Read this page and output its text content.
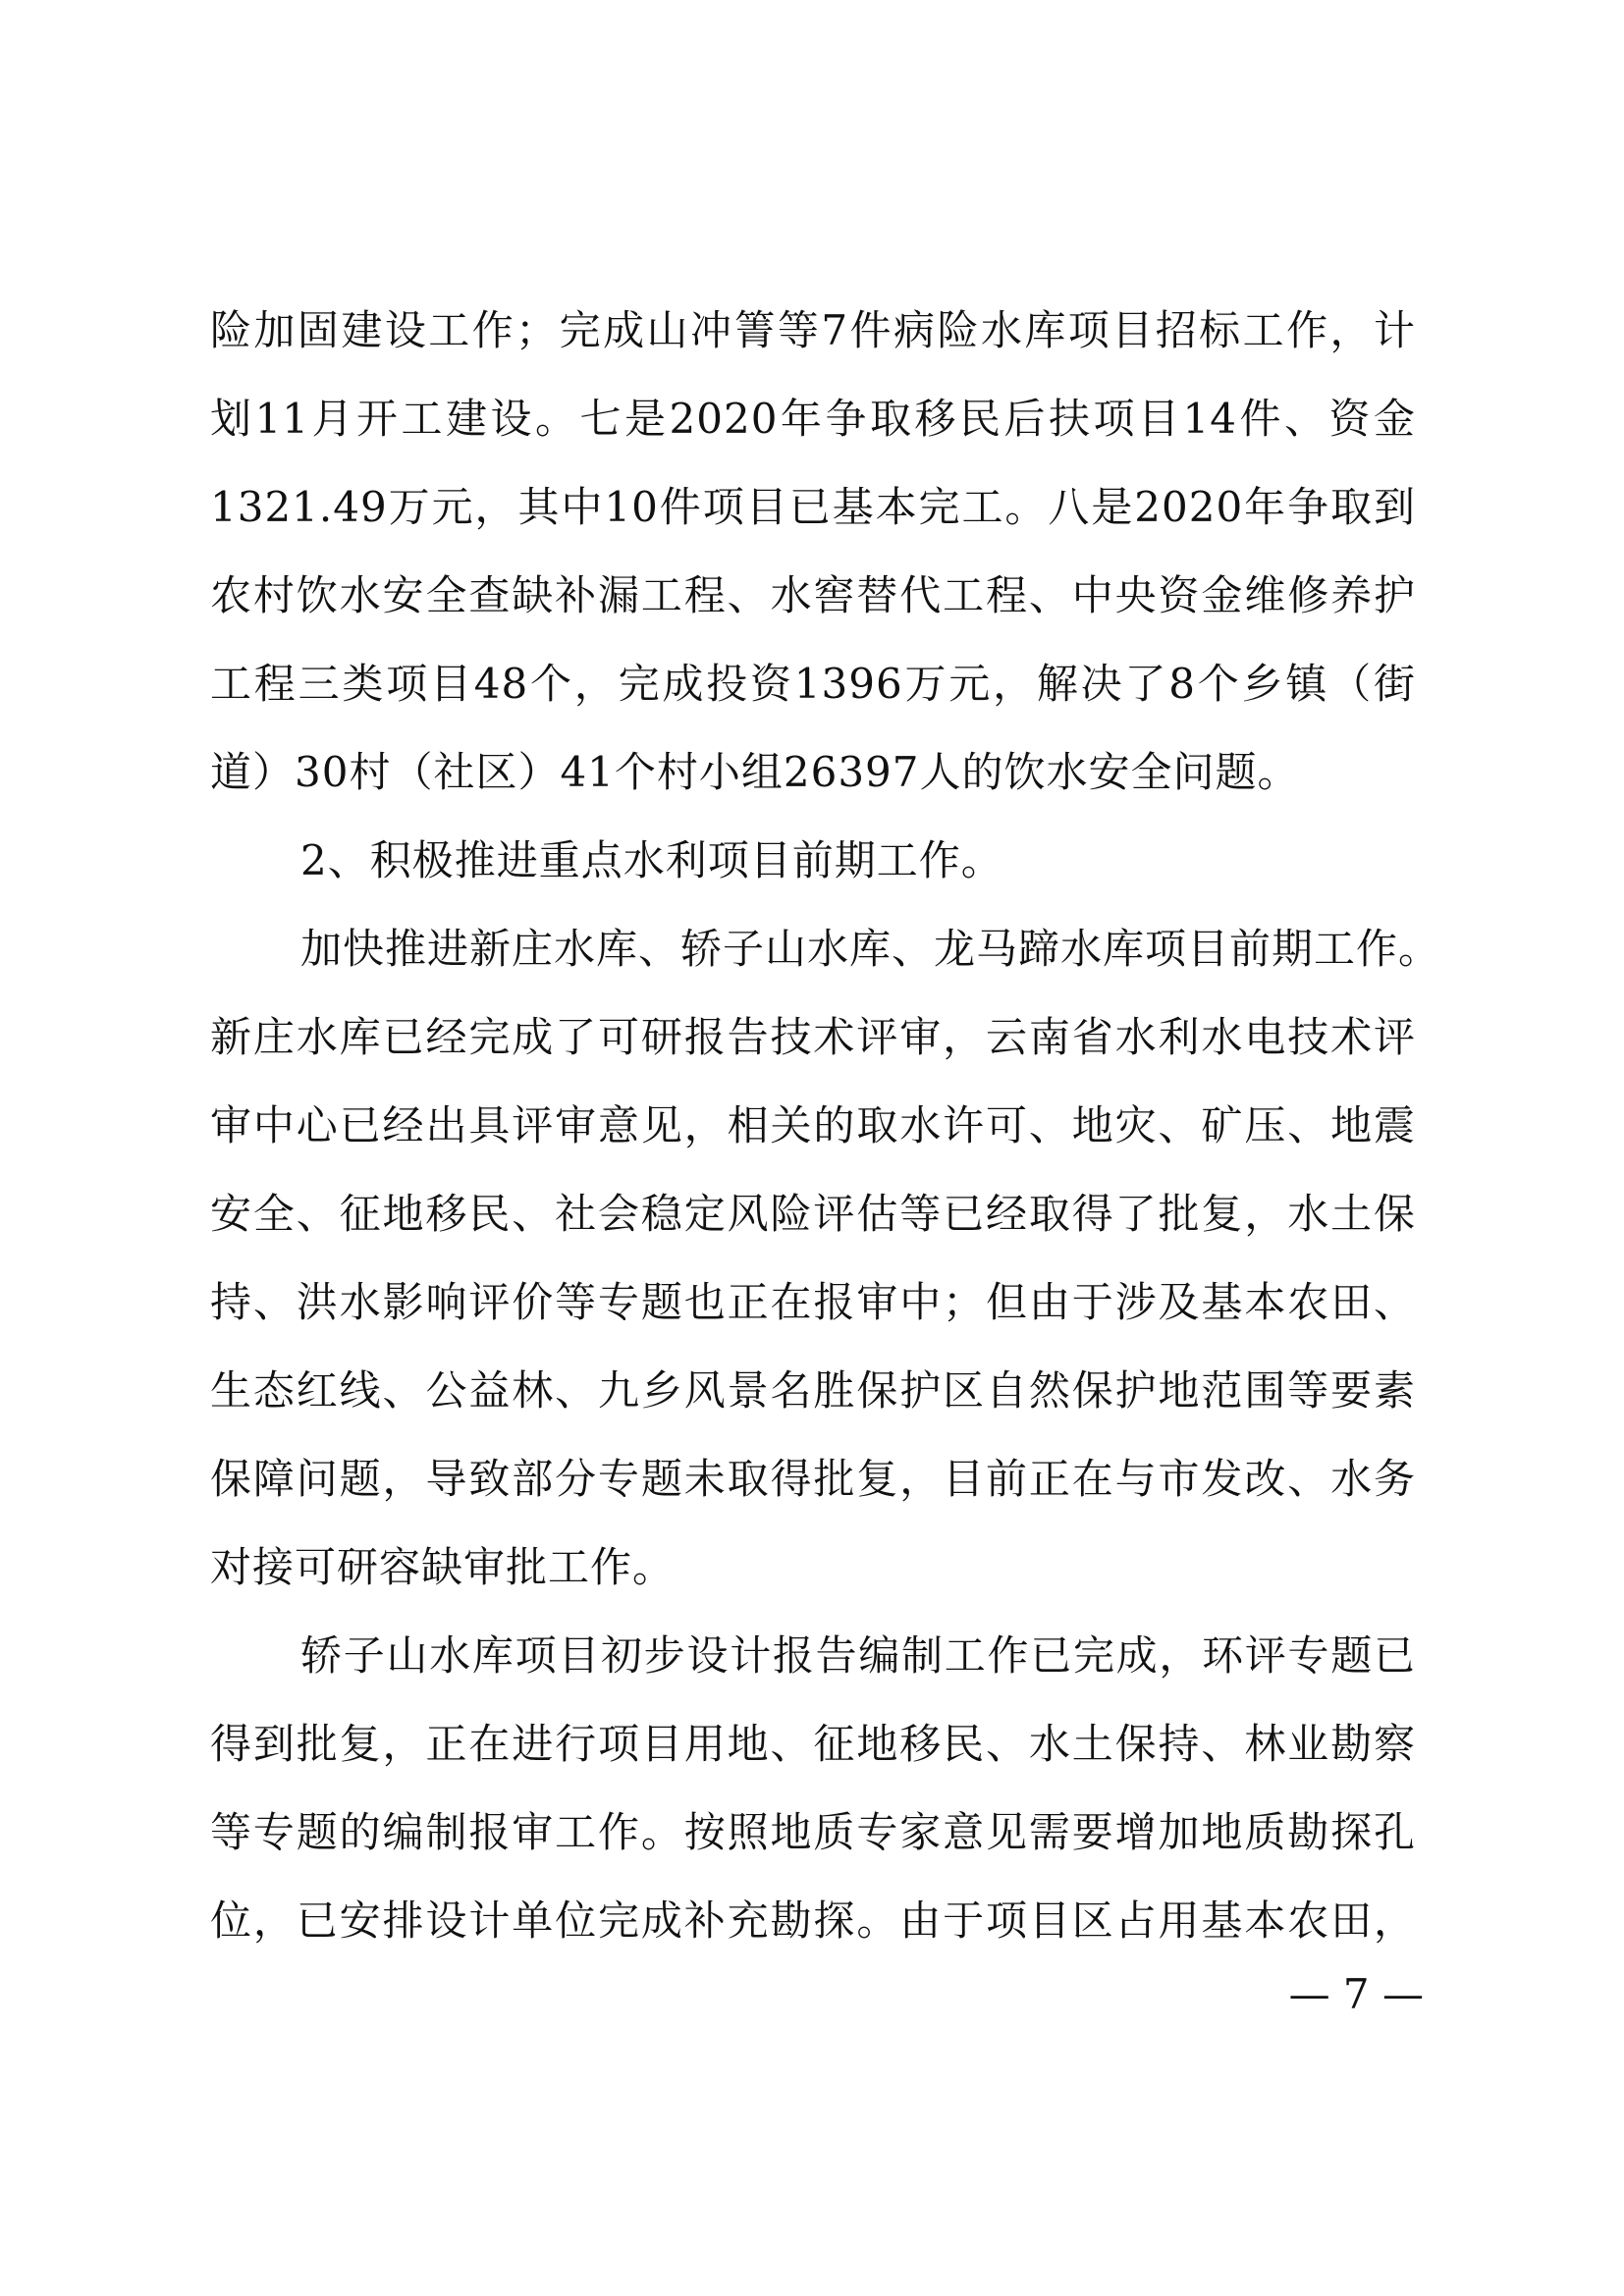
险加固建设工作；完成山冲箐等7件病险水库项目招标工作，计
划11月开工建设。七是2020年争取移民后扶项目14件、资金
1321.49万元，其中10件项目已基本完工。八是2020年争取到
农村饮水安全查缺补漏工程、水窖替代工程、中央资金维修养护
工程三类项目48个，完成投资1396万元，解决了8个乡镇（街
道）30村（社区）41个村小组26397人的饮水安全问题。
2、积极推进重点水利项目前期工作。
加快推进新庄水库、轿子山水库、龙马蹄水库项目前期工作。
新庄水库已经完成了可研报告技术评审，云南省水利水电技术评
审中心已经出具评审意见，相关的取水许可、地灾、矿压、地震
安全、征地移民、社会稳定风险评估等已经取得了批复，水土保
持、洪水影响评价等专题也正在报审中；但由于涉及基本农田、
生态红线、公益林、九乡风景名胜保护区自然保护地范围等要素
保障问题，导致部分专题未取得批复，目前正在与市发改、水务
对接可研容缺审批工作。
轿子山水库项目初步设计报告编制工作已完成，环评专题已
得到批复，正在进行项目用地、征地移民、水土保持、林业勘察
等专题的编制报审工作。按照地质专家意见需要增加地质勘探孔
位，已安排设计单位完成补充勘探。由于项目区占用基本农田，
— 7 —
